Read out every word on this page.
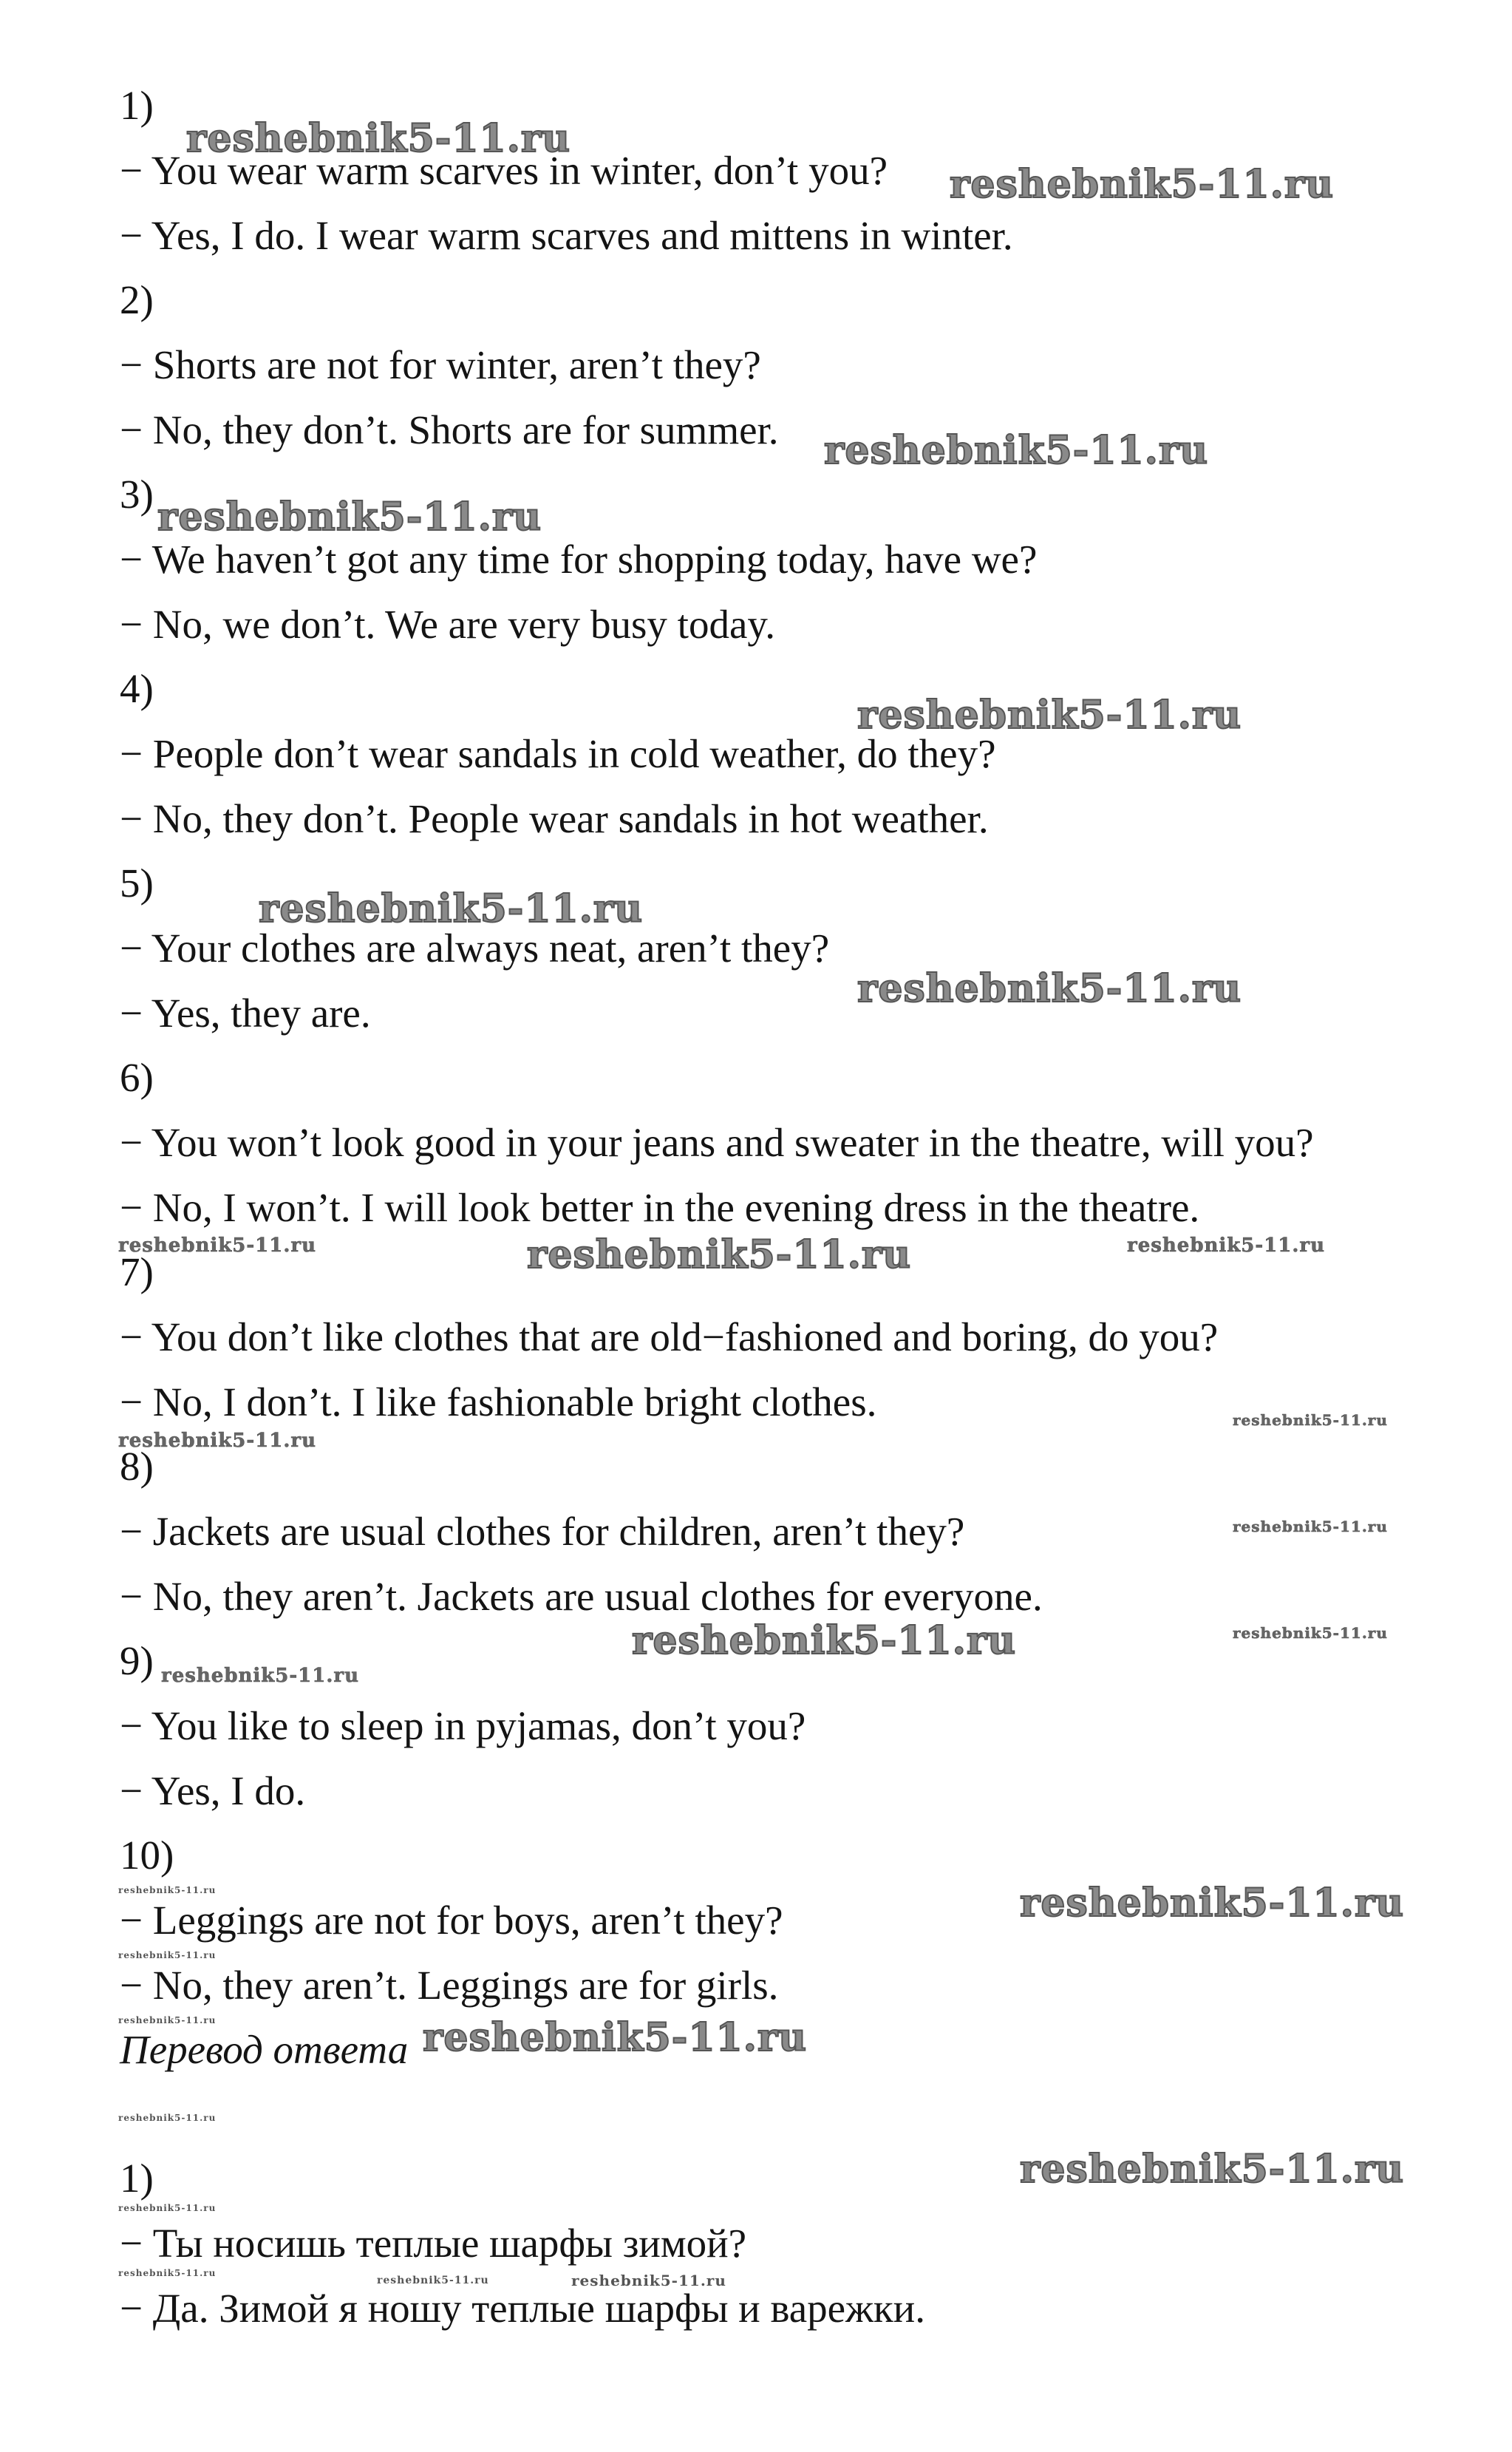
1)
− You wear warm scarves in winter, don’t you?
− Yes, I do. I wear warm scarves and mittens in winter.
2)
− Shorts are not for winter, aren’t they?
− No, they don’t. Shorts are for summer.
3)
− We haven’t got any time for shopping today, have we?
− No, we don’t. We are very busy today.
4)
− People don’t wear sandals in cold weather, do they?
− No, they don’t. People wear sandals in hot weather.
5)
− Your clothes are always neat, aren’t they?
− Yes, they are.
6)
− You won’t look good in your jeans and sweater in the theatre, will you?
− No, I won’t. I will look better in the evening dress in the theatre.
7)
− You don’t like clothes that are old−fashioned and boring, do you?
− No, I don’t. I like fashionable bright clothes.
8)
− Jackets are usual clothes for children, aren’t they?
− No, they aren’t. Jackets are usual clothes for everyone.
9)
− You like to sleep in pyjamas, don’t you?
− Yes, I do.
10)
− Leggings are not for boys, aren’t they?
− No, they aren’t. Leggings are for girls.
Перевод ответа
1)
− Ты носишь теплые шарфы зимой?
− Да. Зимой я ношу теплые шарфы и варежки.
reshebnik5-11.ru
reshebnik5-11.ru
reshebnik5-11.ru
reshebnik5-11.ru
reshebnik5-11.ru
reshebnik5-11.ru
reshebnik5-11.ru
reshebnik5-11.ru
reshebnik5-11.ru	reshebnik5-11.ru
reshebnik5-11.ru
reshebnik5-11.ru
reshebnik5-11.ru
reshebnik5-11.ru	reshebnik5-11.ru
reshebnik5-11.ru
reshebnik5-11.ru
reshebnik5-11.ru
reshebnik5-11.ru
reshebnik5-11.ru
reshebnik5-11.ru
reshebnik5-11.ru
reshebnik5-11.ru
reshebnik5-11.ru
reshebnik5-11.ru
reshebnik5-11.ru	reshebnik5-11.ru
